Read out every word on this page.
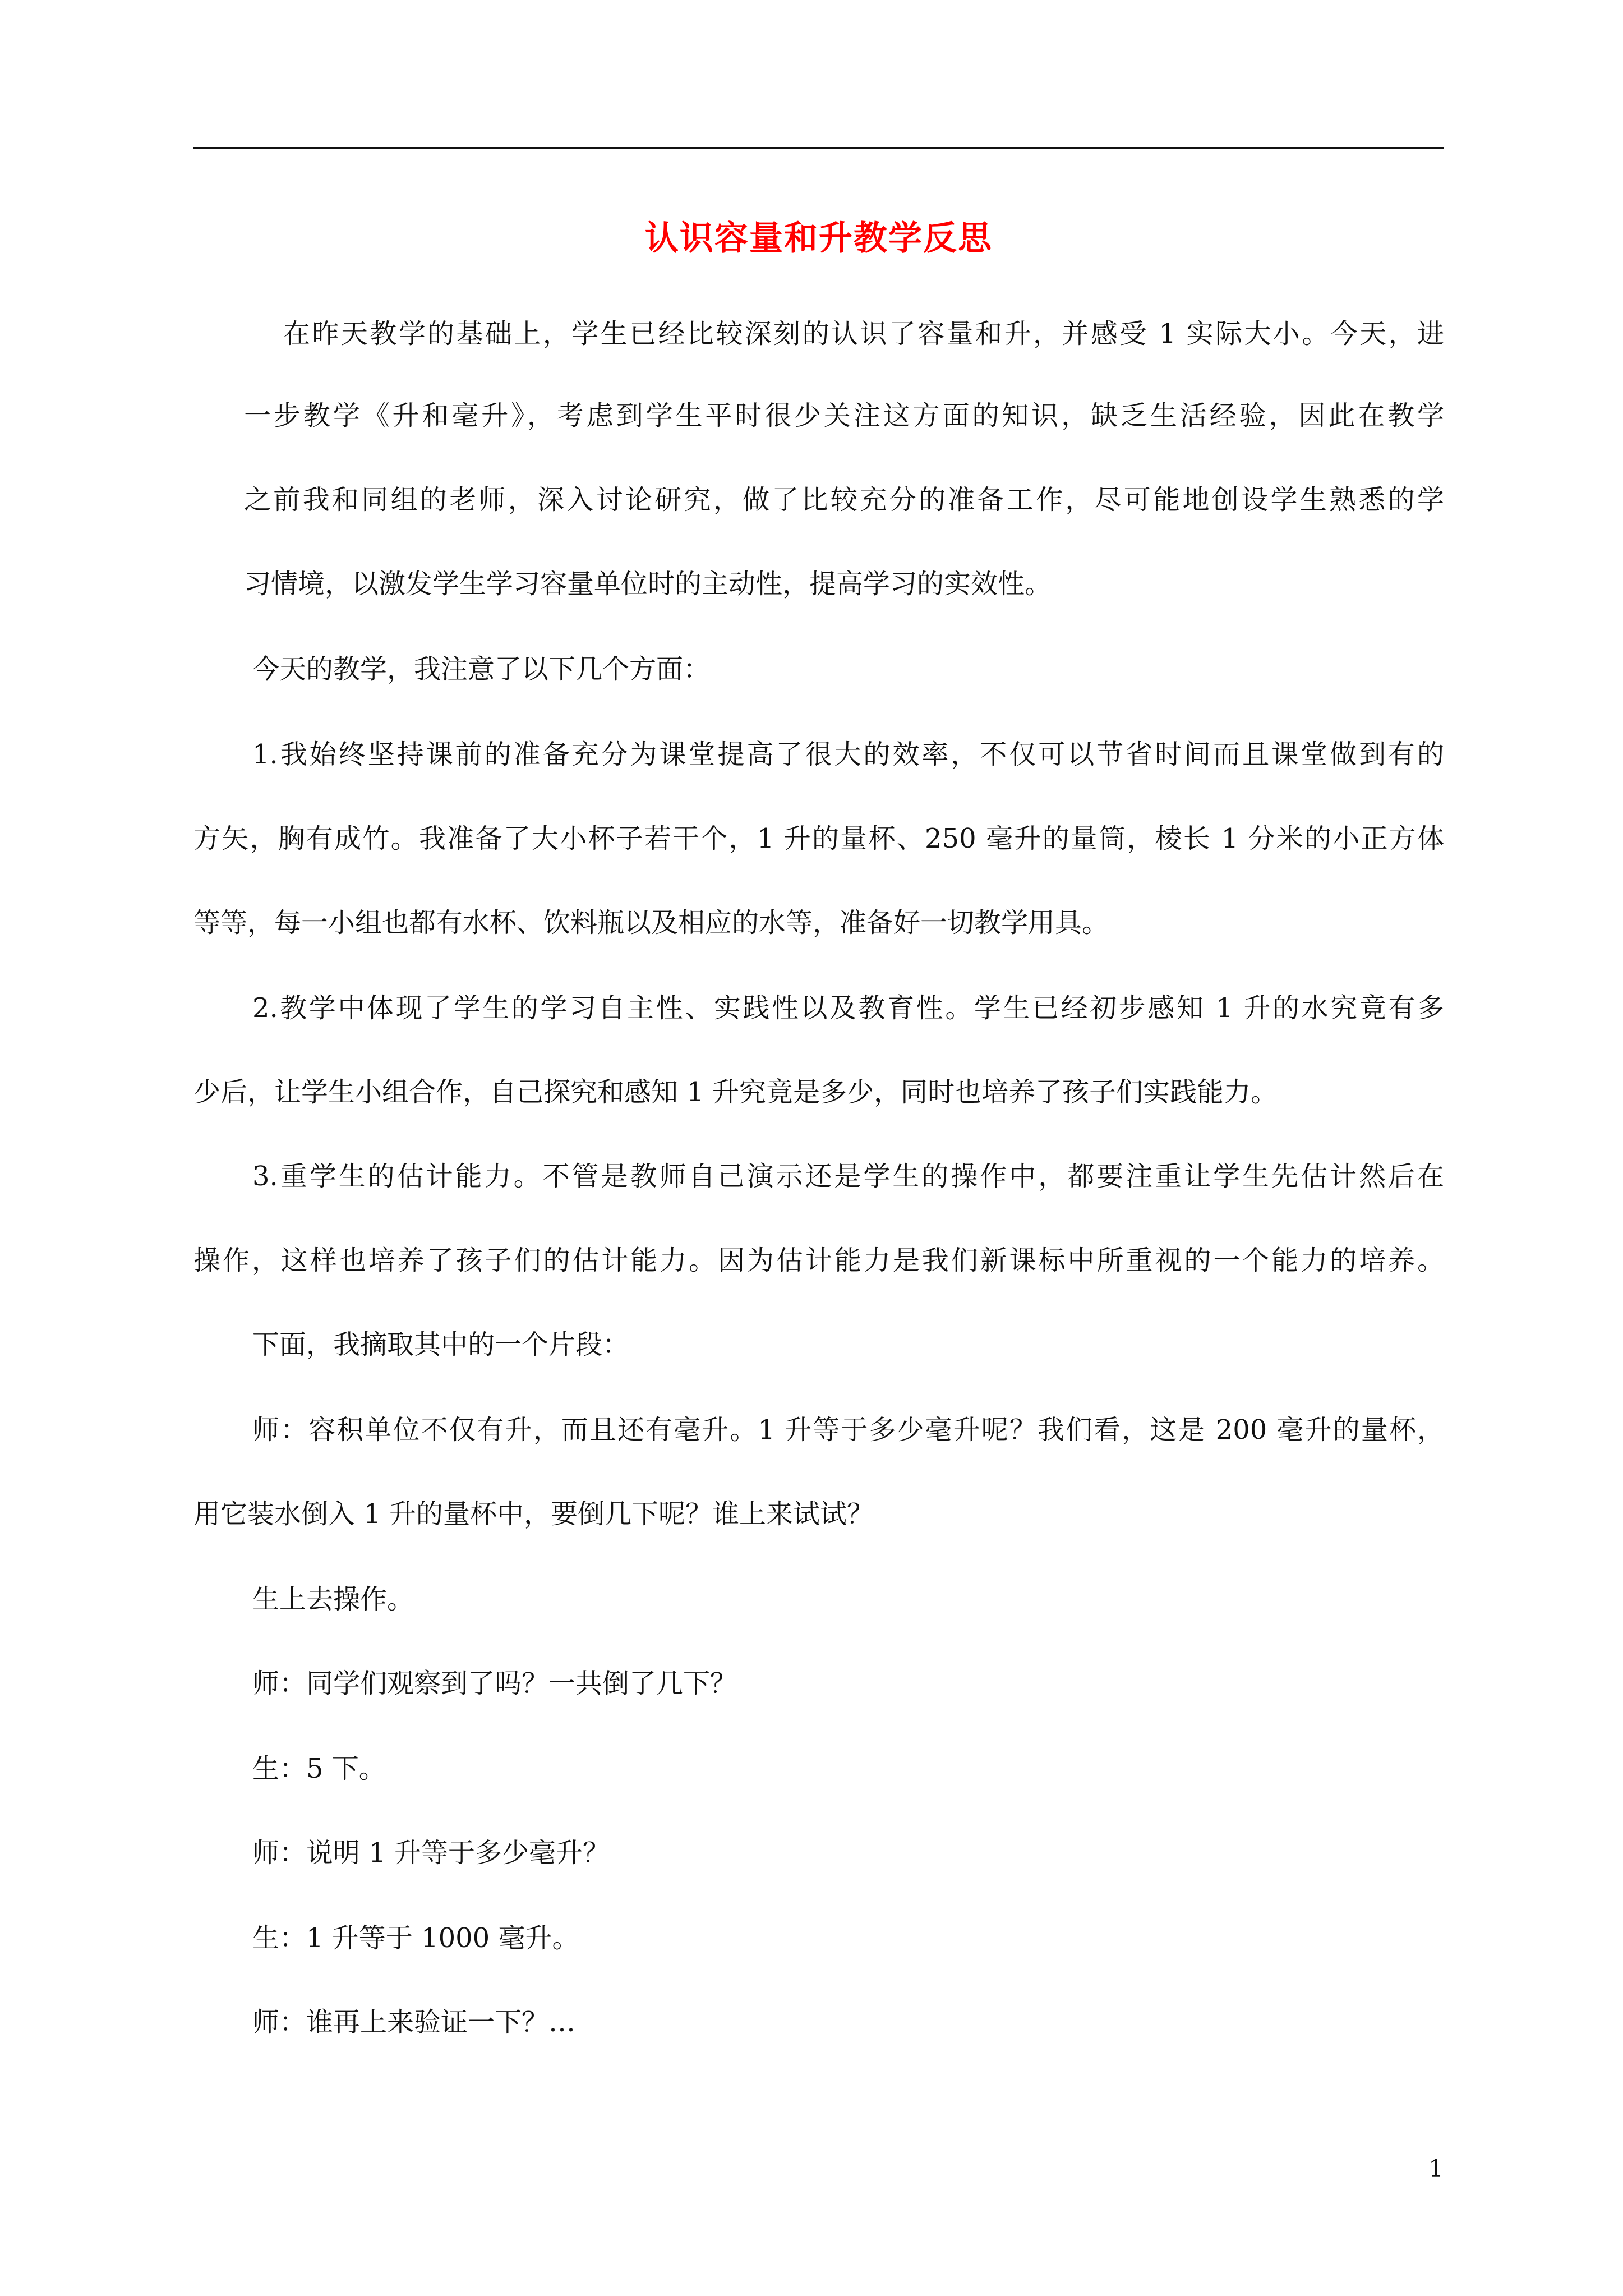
认识容量和升教学反思
在昨天教学的基础上，学生已经比较深刻的认识了容量和升，并感受 1 实际大小。今天，进
一步教学《升和毫升》，考虑到学生平时很少关注这方面的知识，缺乏生活经验，因此在教学
之前我和同组的老师，深入讨论研究，做了比较充分的准备工作，尽可能地创设学生熟悉的学
习情境，以激发学生学习容量单位时的主动性，提高学习的实效性。
今天的教学，我注意了以下几个方面：
1.我始终坚持课前的准备充分为课堂提高了很大的效率，不仅可以节省时间而且课堂做到有的
方矢，胸有成竹。我准备了大小杯子若干个，1 升的量杯、250 毫升的量筒，棱长 1 分米的小正方体
等等，每一小组也都有水杯、饮料瓶以及相应的水等，准备好一切教学用具。
2.教学中体现了学生的学习自主性、实践性以及教育性。学生已经初步感知 1 升的水究竟有多
少后，让学生小组合作，自己探究和感知 1 升究竟是多少，同时也培养了孩子们实践能力。
3.重学生的估计能力。不管是教师自己演示还是学生的操作中，都要注重让学生先估计然后在
操作，这样也培养了孩子们的估计能力。因为估计能力是我们新课标中所重视的一个能力的培养。
下面，我摘取其中的一个片段：
师：容积单位不仅有升，而且还有毫升。1 升等于多少毫升呢？我们看，这是 200 毫升的量杯，
用它装水倒入 1 升的量杯中，要倒几下呢？谁上来试试？
生上去操作。
师：同学们观察到了吗？一共倒了几下？
生：5 下。
师：说明 1 升等于多少毫升？
生：1 升等于 1000 毫升。
师：谁再上来验证一下？…
1
